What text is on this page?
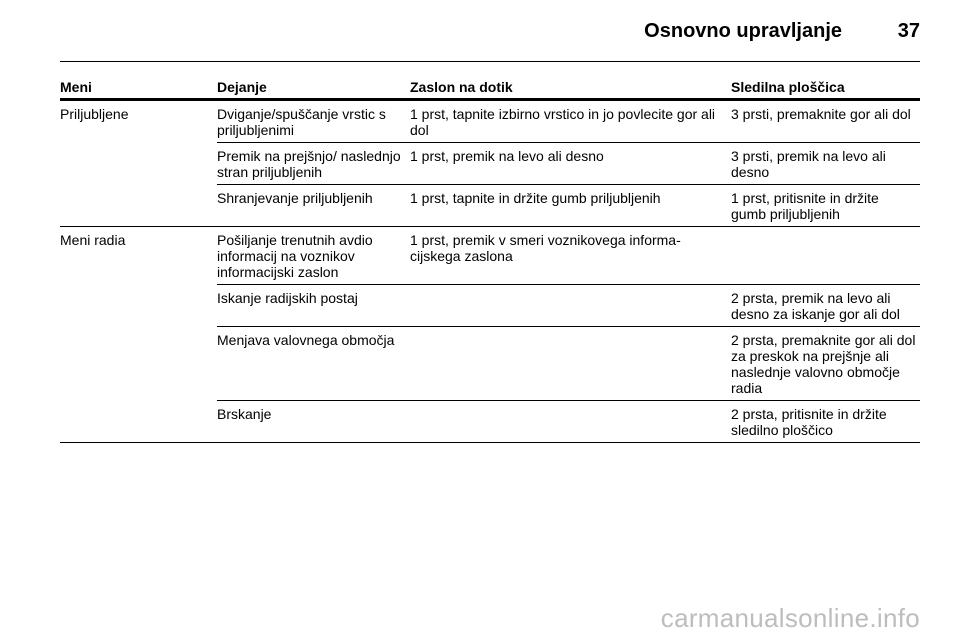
Osnovno upravljanje	37
Meni	Dejanje	Zaslon na dotik	Sledilna ploščica
Priljubljene	Dviganje/spuščanje vrstic s priljubljenimi	1 prst, tapnite izbirno vrstico in jo povlecite gor ali dol	3 prsti, premaknite gor ali dol
	Premik na prejšnjo/ naslednjo stran priljubljenih	1 prst, premik na levo ali desno	3 prsti, premik na levo ali desno
	Shranjevanje priljubljenih	1 prst, tapnite in držite gumb priljubljenih	1 prst, pritisnite in držite gumb priljubljenih
Meni radia	Pošiljanje trenutnih avdio informacij na voznikov informacijski zaslon	1 prst, premik v smeri voznikovega informa-cijskega zaslona	
	Iskanje radijskih postaj		2 prsta, premik na levo ali desno za iskanje gor ali dol
	Menjava valovnega območja		2 prsta, premaknite gor ali dol za preskok na prejšnje ali naslednje valovno območje radia
	Brskanje		2 prsta, pritisnite in držite sledilno ploščico
carmanualsonline.info
